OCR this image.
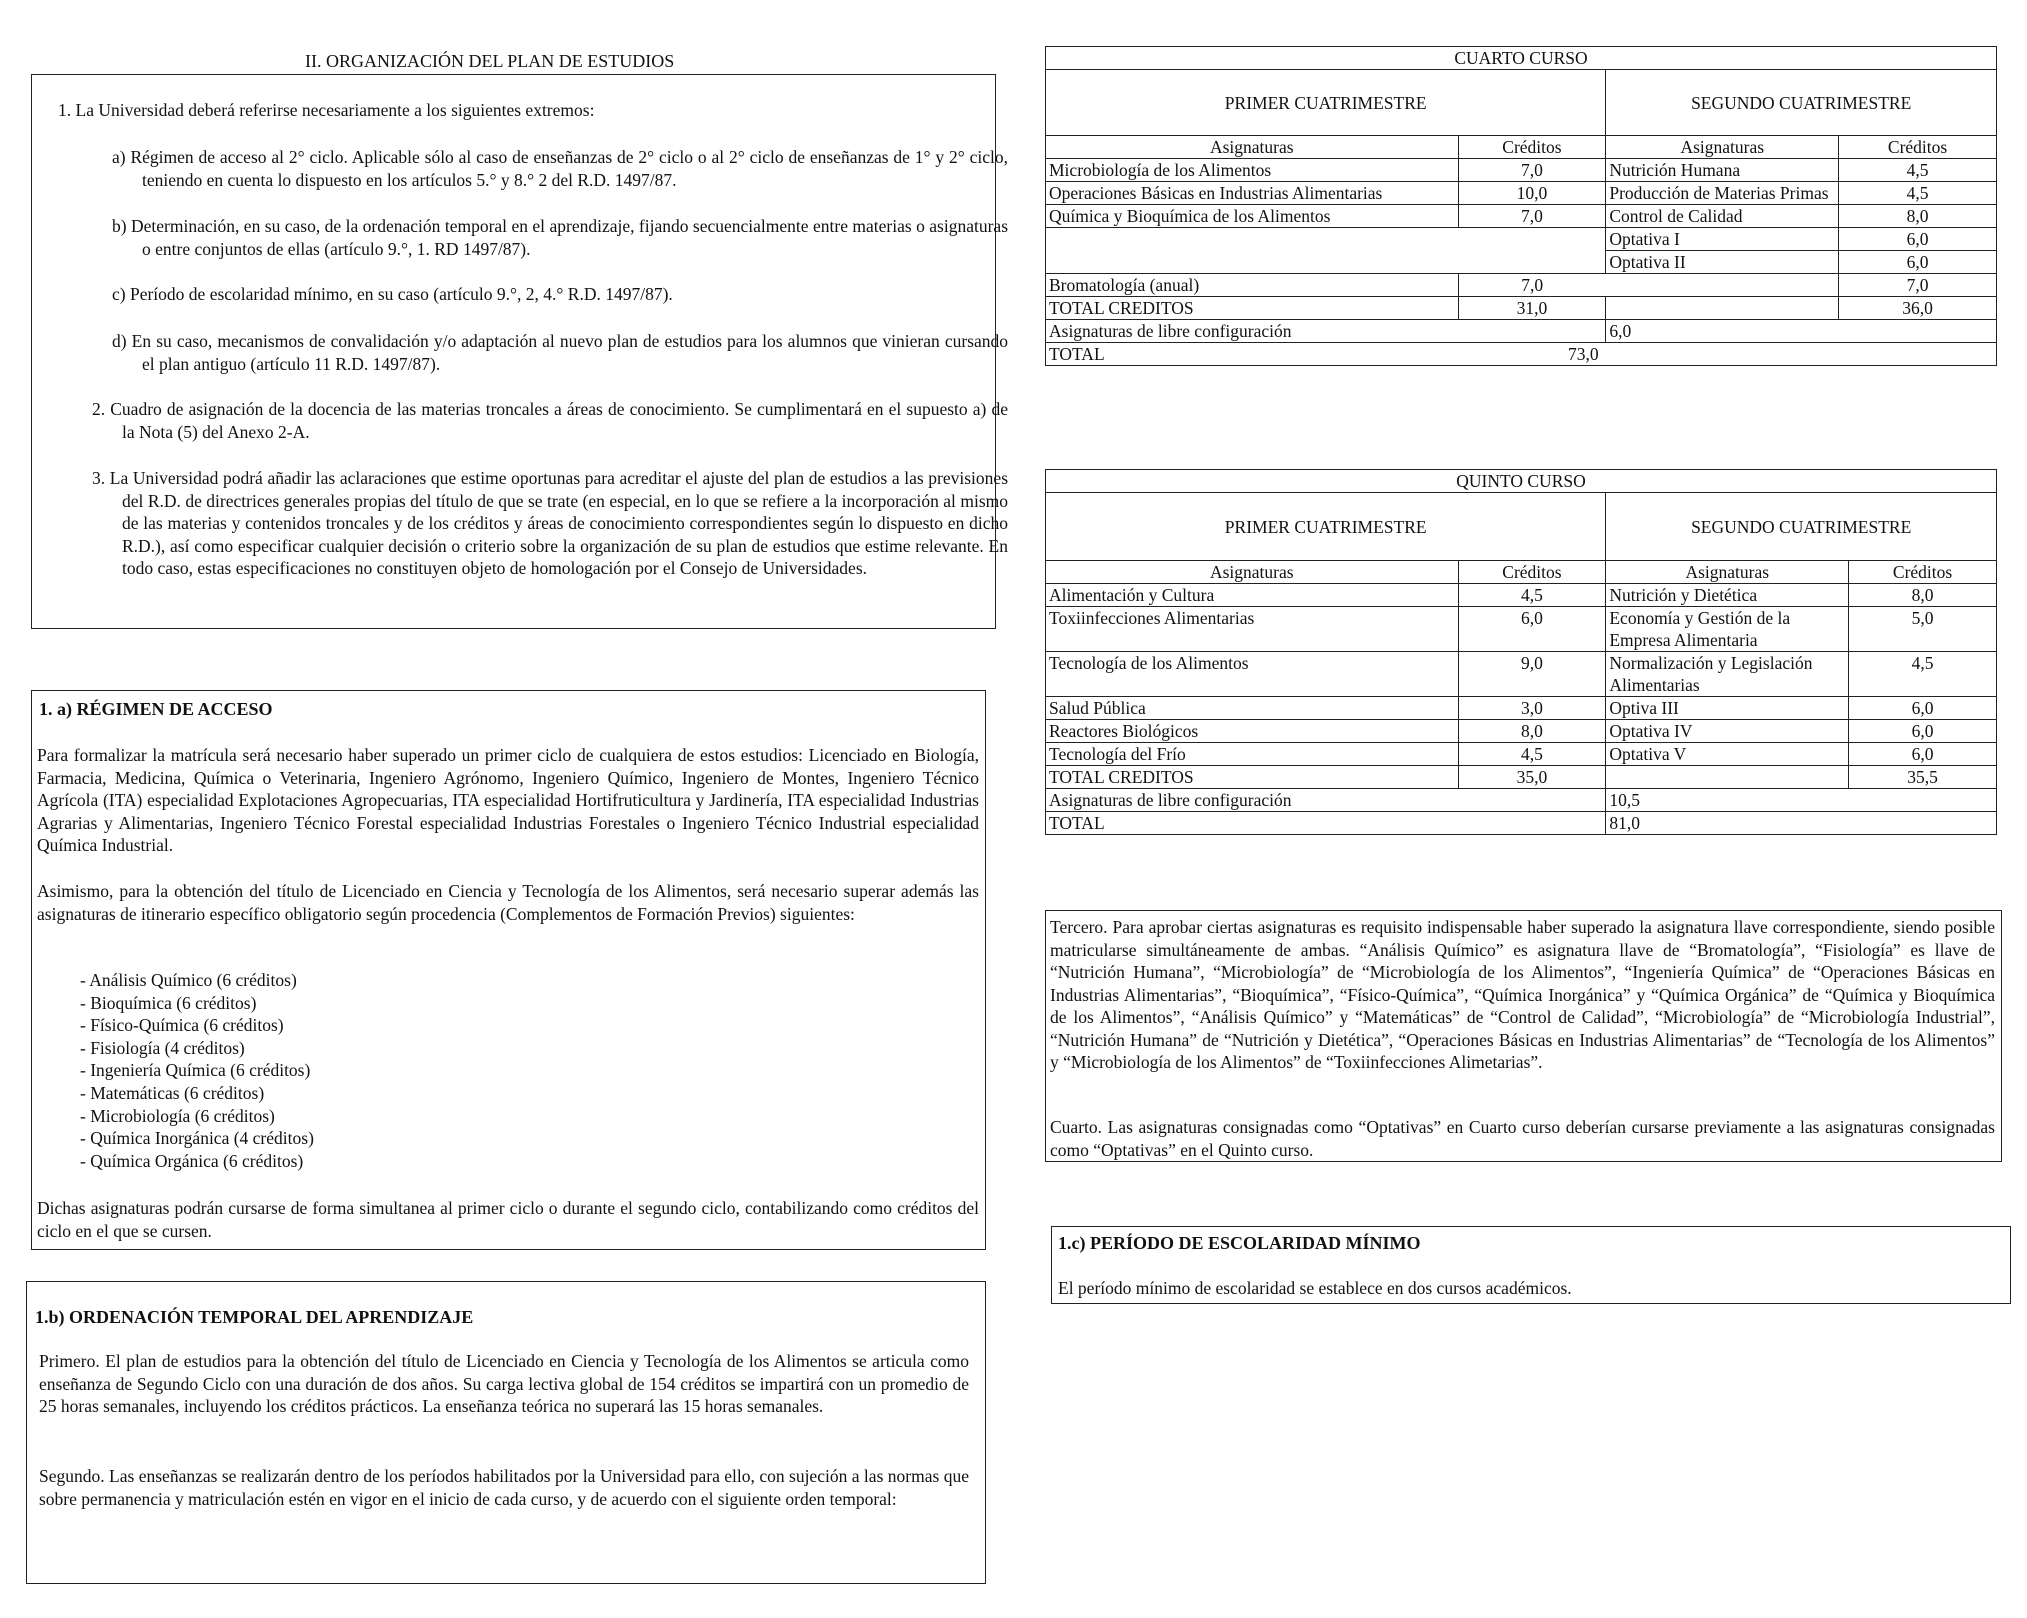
II. ORGANIZACIÓN DEL PLAN DE ESTUDIOS
1. La Universidad deberá referirse necesariamente a los siguientes extremos:
a) Régimen de acceso al 2° ciclo. Aplicable sólo al caso de enseñanzas de 2° ciclo o al 2° ciclo de enseñanzas de 1° y 2° ciclo, teniendo en cuenta lo dispuesto en los artículos 5.° y 8.° 2 del R.D. 1497/87.
b) Determinación, en su caso, de la ordenación temporal en el aprendizaje, fijando secuencialmente entre materias o asignaturas o entre conjuntos de ellas (artículo 9.°, 1. RD 1497/87).
c) Período de escolaridad mínimo, en su caso (artículo 9.°, 2, 4.° R.D. 1497/87).
d) En su caso, mecanismos de convalidación y/o adaptación al nuevo plan de estudios para los alumnos que vinieran cursando el plan antiguo (artículo 11 R.D. 1497/87).
2. Cuadro de asignación de la docencia de las materias troncales a áreas de conocimiento. Se cumplimentará en el supuesto a) de la Nota (5) del Anexo 2-A.
3. La Universidad podrá añadir las aclaraciones que estime oportunas para acreditar el ajuste del plan de estudios a las previsiones del R.D. de directrices generales propias del título de que se trate (en especial, en lo que se refiere a la incorporación al mismo de las materias y contenidos troncales y de los créditos y áreas de conocimiento correspondientes según lo dispuesto en dicho R.D.), así como especificar cualquier decisión o criterio sobre la organización de su plan de estudios que estime relevante. En todo caso, estas especificaciones no constituyen objeto de homologación por el Consejo de Universidades.
1. a) RÉGIMEN DE ACCESO

Para formalizar la matrícula será necesario haber superado un primer ciclo de cualquiera de estos estudios: Licenciado en Biología, Farmacia, Medicina, Química o Veterinaria, Ingeniero Agrónomo, Ingeniero Químico, Ingeniero de Montes, Ingeniero Técnico Agrícola (ITA) especialidad Explotaciones Agropecuarias, ITA especialidad Hortifruticultura y Jardinería, ITA especialidad Industrias Agrarias y Alimentarias, Ingeniero Técnico Forestal especialidad Industrias Forestales o Ingeniero Técnico Industrial especialidad Química Industrial.

Asimismo, para la obtención del título de Licenciado en Ciencia y Tecnología de los Alimentos, será necesario superar además las asignaturas de itinerario específico obligatorio según procedencia (Complementos de Formación Previos) siguientes:

- Análisis Químico (6 créditos)
- Bioquímica (6 créditos)
- Físico-Química (6 créditos)
- Fisiología (4 créditos)
- Ingeniería Química (6 créditos)
- Matemáticas (6 créditos)
- Microbiología (6 créditos)
- Química Inorgánica (4 créditos)
- Química Orgánica (6 créditos)

Dichas asignaturas podrán cursarse de forma simultanea al primer ciclo o durante el segundo ciclo, contabilizando como créditos del ciclo en el que se cursen.

1.b) ORDENACIÓN TEMPORAL DEL APRENDIZAJE

Primero. El plan de estudios para la obtención del título de Licenciado en Ciencia y Tecnología de los Alimentos se articula como enseñanza de Segundo Ciclo con una duración de dos años. Su carga lectiva global de 154 créditos se impartirá con un promedio de 25 horas semanales, incluyendo los créditos prácticos. La enseñanza teórica no superará las 15 horas semanales.

Segundo. Las enseñanzas se realizarán dentro de los períodos habilitados por la Universidad para ello, con sujeción a las normas que sobre permanencia y matriculación estén en vigor en el inicio de cada curso, y de acuerdo con el siguiente orden temporal:

CUARTO CURSO			
PRIMER CUATRIMESTRE		SEGUNDO CUATRIMESTRE	
Asignaturas	Créditos	Asignaturas	Créditos
Microbiología de los Alimentos	7,0	Nutrición Humana	4,5
Operaciones Básicas en Industrias Alimentarias	10,0	Producción de Materias Primas	4,5
Química y Bioquímica de los Alimentos	7,0	Control de Calidad	8,0
		Optativa I	6,0
		Optativa II	6,0
Bromatología (anual)	7,0		7,0
TOTAL CREDITOS	31,0		36,0
Asignaturas de libre configuración		6,0	
TOTAL	73,0		
QUINTO CURSO			
PRIMER CUATRIMESTRE		SEGUNDO CUATRIMESTRE	
Asignaturas	Créditos	Asignaturas	Créditos
Alimentación y Cultura	4,5	Nutrición y Dietética	8,0
Toxiinfecciones Alimentarias	6,0	Economía y Gestión de la Empresa Alimentaria	5,0
Tecnología de los Alimentos	9,0	Normalización y Legislación Alimentarias	4,5
Salud Pública	3,0	Optiva III	6,0
Reactores Biológicos	8,0	Optativa IV	6,0
Tecnología del Frío	4,5	Optativa V	6,0
TOTAL CREDITOS	35,0		35,5
Asignaturas de libre configuración		10,5	
TOTAL		81,0	

Tercero. Para aprobar ciertas asignaturas es requisito indispensable haber superado la asignatura llave correspondiente, siendo posible matricularse simultáneamente de ambas. “Análisis Químico” es asignatura llave de “Bromatología”, “Fisiología” es llave de “Nutrición Humana”, “Microbiología” de “Microbiología de los Alimentos”, “Ingeniería Química” de “Operaciones Básicas en Industrias Alimentarias”, “Bioquímica”, “Físico-Química”, “Química Inorgánica” y “Química Orgánica” de “Química y Bioquímica de los Alimentos”, “Análisis Químico” y “Matemáticas” de “Control de Calidad”, “Microbiología” de “Microbiología Industrial”, “Nutrición Humana” de “Nutrición y Dietética”, “Operaciones Básicas en Industrias Alimentarias” de “Tecnología de los Alimentos” y “Microbiología de los Alimentos” de “Toxiinfecciones Alimetarias”.

Cuarto. Las asignaturas consignadas como “Optativas” en Cuarto curso deberían cursarse previamente a las asignaturas consignadas como “Optativas” en el Quinto curso.

1.c) PERÍODO DE ESCOLARIDAD MÍNIMO

El período mínimo de escolaridad se establece en dos cursos académicos.
